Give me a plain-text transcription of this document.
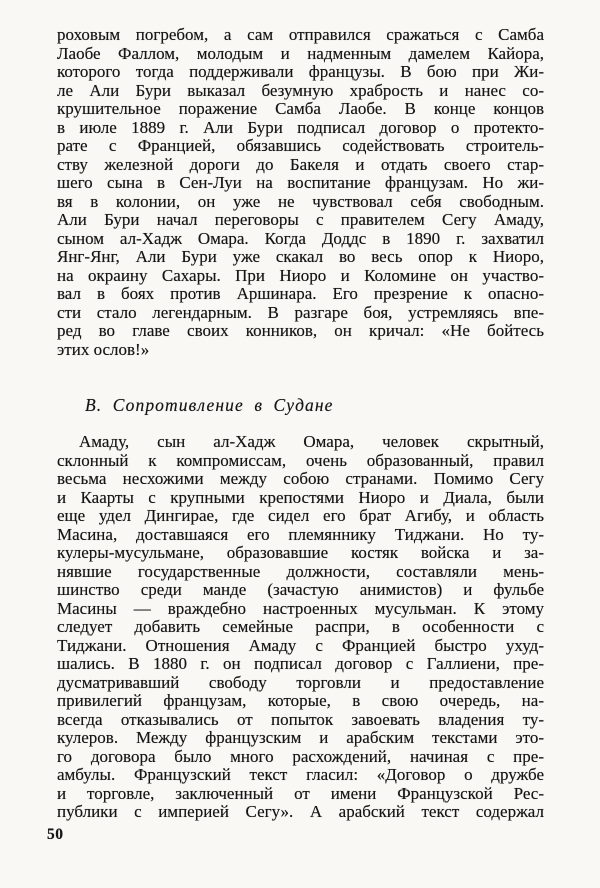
роховым погребом, а сам отправился сражаться с Самба
Лаобе Фаллом, молодым и надменным дамелем Кайора,
которого тогда поддерживали французы. В бою при Жи-
ле Али Бури выказал безумную храбрость и нанес со-
крушительное поражение Самба Лаобе. В конце концов
в июле 1889 г. Али Бури подписал договор о протекто-
рате с Францией, обязавшись содействовать строитель-
ству железной дороги до Бакеля и отдать своего стар-
шего сына в Сен-Луи на воспитание французам. Но жи-
вя в колонии, он уже не чувствовал себя свободным.
Али Бури начал переговоры с правителем Сегу Амаду,
сыном ал-Хадж Омара. Когда Доддс в 1890 г. захватил
Янг-Янг, Али Бури уже скакал во весь опор к Ниоро,
на окраину Сахары. При Ниоро и Коломине он участво-
вал в боях против Аршинара. Его презрение к опасно-
сти стало легендарным. В разгаре боя, устремляясь впе-
ред во главе своих конников, он кричал: «Не бойтесь
этих ослов!»
В. Сопротивление в Судане
Амаду, сын ал-Хадж Омара, человек скрытный,
склонный к компромиссам, очень образованный, правил
весьма несхожими между собою странами. Помимо Сегу
и Каарты с крупными крепостями Ниоро и Диала, были
еще удел Дингирае, где сидел его брат Агибу, и область
Масина, доставшаяся его племяннику Тиджани. Но ту-
кулеры-мусульмане, образовавшие костяк войска и за-
нявшие государственные должности, составляли мень-
шинство среди манде (зачастую анимистов) и фульбе
Масины — враждебно настроенных мусульман. К этому
следует добавить семейные распри, в особенности с
Тиджани. Отношения Амаду с Францией быстро ухуд-
шались. В 1880 г. он подписал договор с Галлиени, пре-
дусматривавший свободу торговли и предоставление
привилегий французам, которые, в свою очередь, на-
всегда отказывались от попыток завоевать владения ту-
кулеров. Между французским и арабским текстами это-
го договора было много расхождений, начиная с пре-
амбулы. Французский текст гласил: «Договор о дружбе
и торговле, заключенный от имени Французской Рес-
публики с империей Сегу». А арабский текст содержал
50
